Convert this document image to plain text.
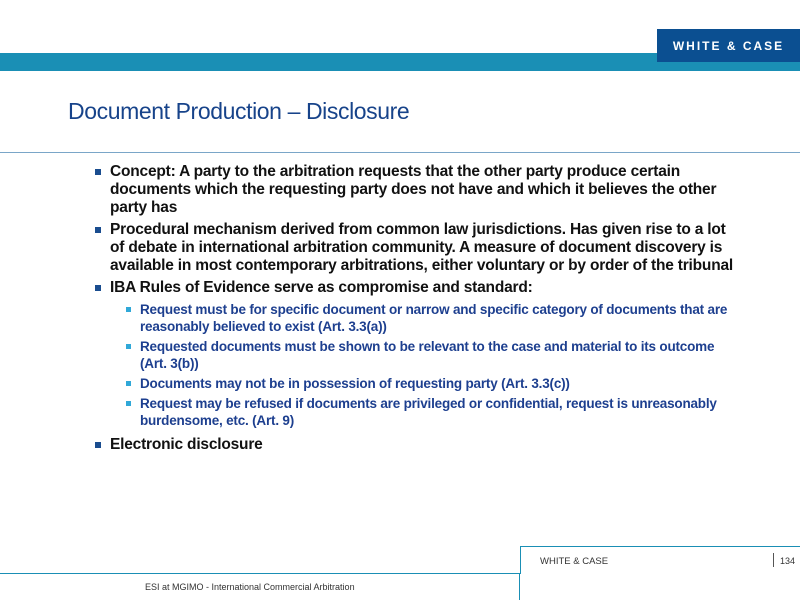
WHITE & CASE
Document Production – Disclosure
Concept: A party to the arbitration requests that the other party produce certain documents which the requesting party does not have and which it believes the other party has
Procedural mechanism derived from common law jurisdictions. Has given rise to a lot of debate in international arbitration community. A measure of document discovery is available in most contemporary arbitrations, either voluntary or by order of the tribunal
IBA Rules of Evidence serve as compromise and standard:
Request must be for specific document or narrow and specific category of documents that are reasonably believed to exist (Art. 3.3(a))
Requested documents must be shown to be relevant to the case and material to its outcome (Art. 3(b))
Documents may not be in possession of requesting party (Art. 3.3(c))
Request may be refused if documents are privileged or confidential, request is unreasonably burdensome, etc. (Art. 9)
Electronic disclosure
WHITE & CASE	134
ESI at MGIMO - International Commercial Arbitration
